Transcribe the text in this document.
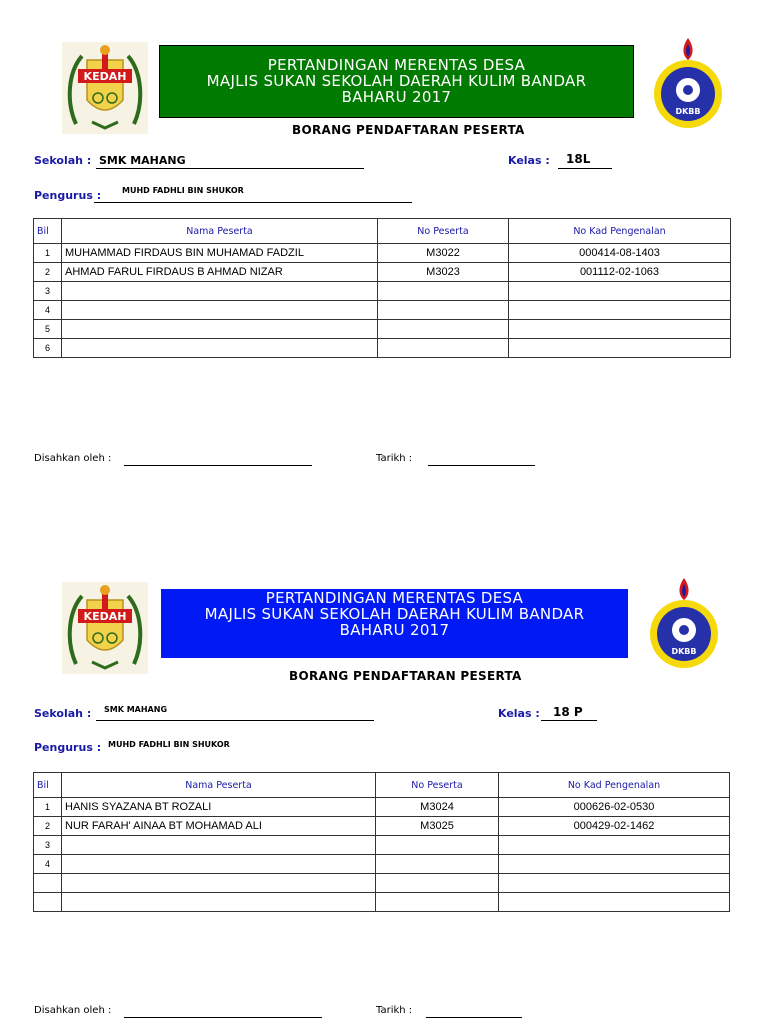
KEDAH
PERTANDINGAN MERENTAS DESA
MAJLIS SUKAN SEKOLAH DAERAH KULIM BANDAR
BAHARU 2017
DKBB
BORANG PENDAFTARAN PESERTA
Sekolah : SMK MAHANG	Kelas : 18L
Pengurus :	MUHD FADHLI BIN SHUKOR
Bil	Nama Peserta	No Peserta	No Kad Pengenalan
1	MUHAMMAD FIRDAUS BIN MUHAMAD FADZIL	M3022	000414-08-1403
2	AHMAD FARUL FIRDAUS B AHMAD NIZAR	M3023	001112-02-1063
3			
4			
5			
6			
Disahkan oleh :	Tarikh :
KEDAH
PERTANDINGAN MERENTAS DESA
MAJLIS SUKAN SEKOLAH DAERAH KULIM BANDAR
BAHARU 2017
DKBB
BORANG PENDAFTARAN PESERTA
Sekolah : SMK MAHANG	Kelas : 18 P
Pengurus : MUHD FADHLI BIN SHUKOR
Bil	Nama Peserta	No Peserta	No Kad Pengenalan
1	HANIS SYAZANA BT ROZALI	M3024	000626-02-0530
2	NUR FARAH' AINAA BT MOHAMAD ALI	M3025	000429-02-1462
3			
4			

Disahkan oleh :	Tarikh :
